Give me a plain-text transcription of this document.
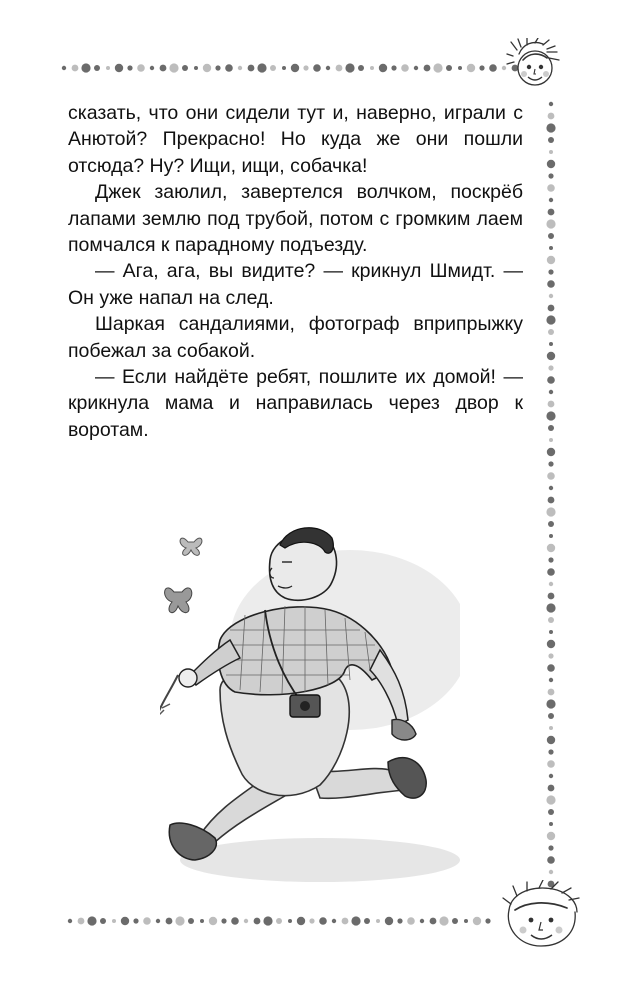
сказать, что они сидели тут и, наверно, играли с Анютой? Прекрасно! Но куда же они пошли отсюда? Ну? Ищи, ищи, собачка!

Джек заюлил, завертелся волчком, поскрёб лапами землю под трубой, потом с громким лаем помчался к парадному подъезду.

— Ага, ага, вы видите? — крикнул Шмидт. — Он уже напал на след.

Шаркая сандалиями, фотограф вприпрыжку побежал за собакой.

— Если найдёте ребят, пошлите их домой! — крикнула мама и направилась через двор к воротам.
